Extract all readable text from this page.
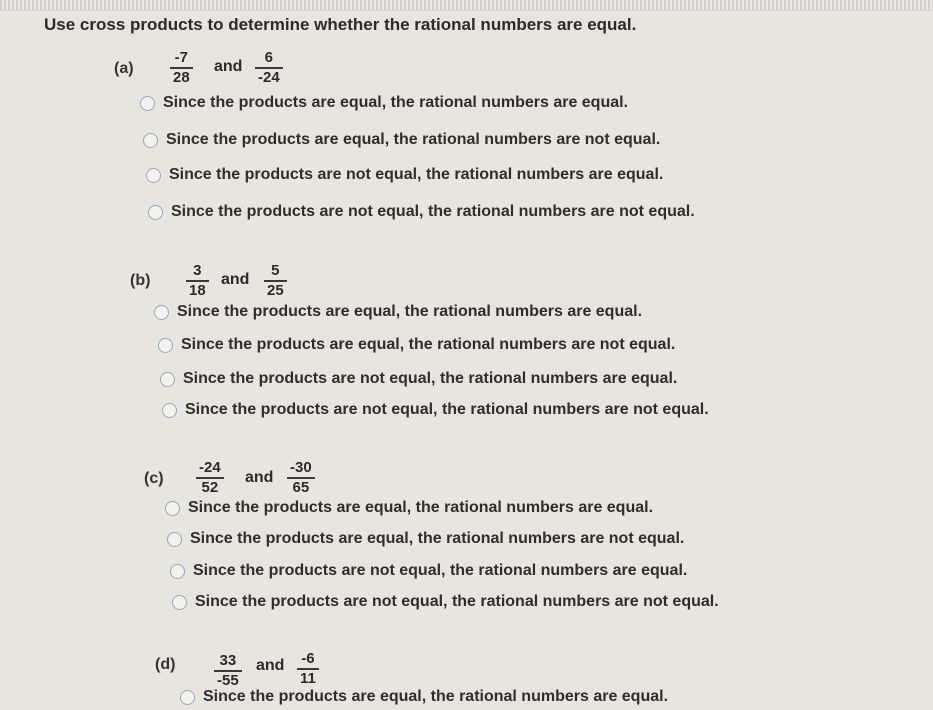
Use cross products to determine whether the rational numbers are equal.
(a)
-7
28
and
6
-24
Since the products are equal, the rational numbers are equal.
Since the products are equal, the rational numbers are not equal.
Since the products are not equal, the rational numbers are equal.
Since the products are not equal, the rational numbers are not equal.
(b)
3
18
and
5
25
Since the products are equal, the rational numbers are equal.
Since the products are equal, the rational numbers are not equal.
Since the products are not equal, the rational numbers are equal.
Since the products are not equal, the rational numbers are not equal.
(c)
-24
52
and
-30
65
Since the products are equal, the rational numbers are equal.
Since the products are equal, the rational numbers are not equal.
Since the products are not equal, the rational numbers are equal.
Since the products are not equal, the rational numbers are not equal.
(d)	33
-55
and -6
11
Since the products are equal, the rational numbers are equal.
